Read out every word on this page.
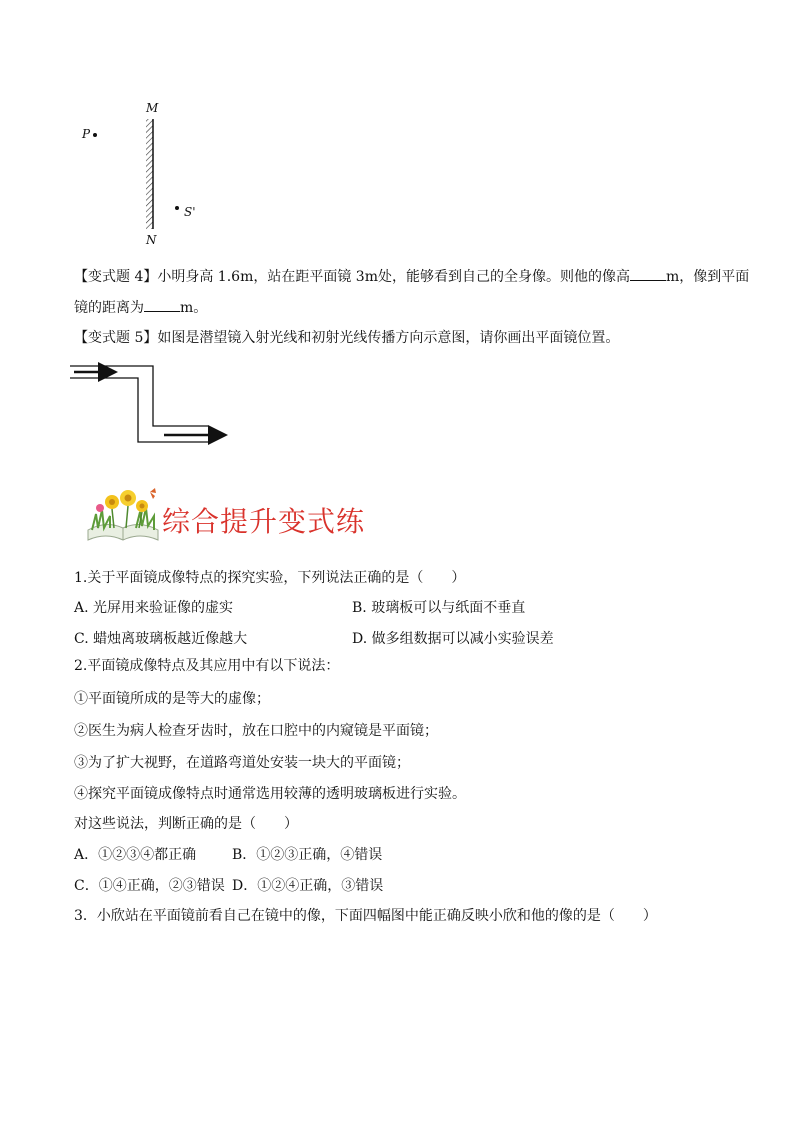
M
N
P
S'
【变式题 4】小明身高 1.6m，站在距平面镜 3m处，能够看到自己的全身像。则他的像高	m，像到平面
镜的距离为	m。
【变式题 5】如图是潜望镜入射光线和初射光线传播方向示意图，请你画出平面镜位置。
综合提升变式练
1.关于平面镜成像特点的探究实验，下列说法正确的是（　　）
A. 光屏用来验证像的虚实	B. 玻璃板可以与纸面不垂直
C. 蜡烛离玻璃板越近像越大	D. 做多组数据可以减小实验误差
2.平面镜成像特点及其应用中有以下说法：
①平面镜所成的是等大的虚像；
②医生为病人检查牙齿时，放在口腔中的内窥镜是平面镜；
③为了扩大视野，在道路弯道处安装一块大的平面镜；
④探究平面镜成像特点时通常选用较薄的透明玻璃板进行实验。
对这些说法，判断正确的是（　　）
A．①②③④都正确	B．①②③正确，④错误
C．①④正确，②③错误 D．①②④正确，③错误
3．小欣站在平面镜前看自己在镜中的像，下面四幅图中能正确反映小欣和他的像的是（　　）
